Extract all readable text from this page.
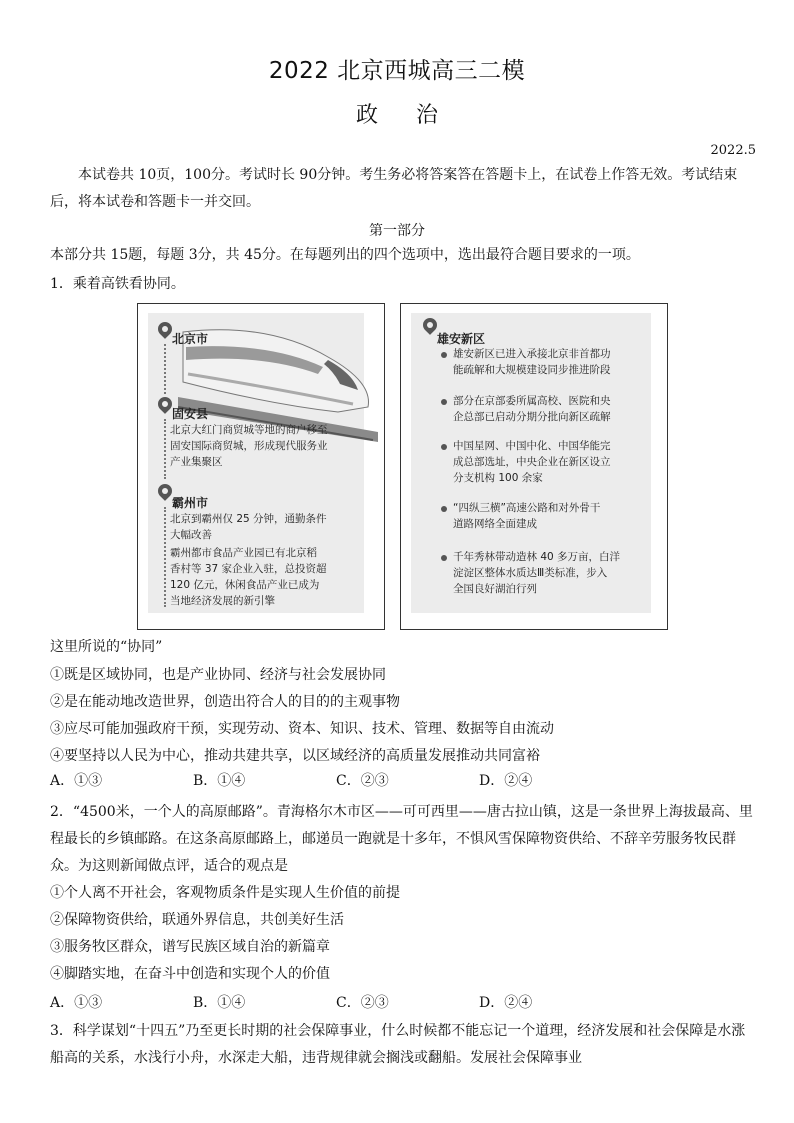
2022 北京西城高三二模
政治
2022.5
本试卷共 10页，100分。考试时长 90分钟。考生务必将答案答在答题卡上，在试卷上作答无效。考试结束
后，将本试卷和答题卡一并交回。
第一部分
本部分共 15题，每题 3分，共 45分。在每题列出的四个选项中，选出最符合题目要求的一项。
1．乘着高铁看协同。
北京市
固安县
北京大红门商贸城等地的商户移至
固安国际商贸城，形成现代服务业
产业集聚区
霸州市
北京到霸州仅 25 分钟，通勤条件
大幅改善
霸州都市食品产业园已有北京稻
香村等 37 家企业入驻，总投资超
120 亿元，休闲食品产业已成为
当地经济发展的新引擎
雄安新区
雄安新区已进入承接北京非首都功
能疏解和大规模建设同步推进阶段
部分在京部委所属高校、医院和央
企总部已启动分期分批向新区疏解
中国星网、中国中化、中国华能完
成总部选址，中央企业在新区设立
分支机构 100 余家
“四纵三横”高速公路和对外骨干
道路网络全面建成
千年秀林带动造林 40 多万亩，白洋
淀淀区整体水质达Ⅲ类标准，步入
全国良好湖泊行列
这里所说的“协同”
①既是区域协同，也是产业协同、经济与社会发展协同
②是在能动地改造世界，创造出符合人的目的的主观事物
③应尽可能加强政府干预，实现劳动、资本、知识、技术、管理、数据等自由流动
④要坚持以人民为中心，推动共建共享，以区域经济的高质量发展推动共同富裕
A．①③	B．①④	C．②③	D．②④
2．“4500米，一个人的高原邮路”。青海格尔木市区——可可西里——唐古拉山镇，这是一条世界上海拔最高、里
程最长的乡镇邮路。在这条高原邮路上，邮递员一跑就是十多年，不惧风雪保障物资供给、不辞辛劳服务牧民群
众。为这则新闻做点评，适合的观点是
①个人离不开社会，客观物质条件是实现人生价值的前提
②保障物资供给，联通外界信息，共创美好生活
③服务牧区群众，谱写民族区域自治的新篇章
④脚踏实地，在奋斗中创造和实现个人的价值
A．①③	B．①④	C．②③	D．②④
3．科学谋划“十四五”乃至更长时期的社会保障事业，什么时候都不能忘记一个道理，经济发展和社会保障是水涨
船高的关系，水浅行小舟，水深走大船，违背规律就会搁浅或翻船。发展社会保障事业
